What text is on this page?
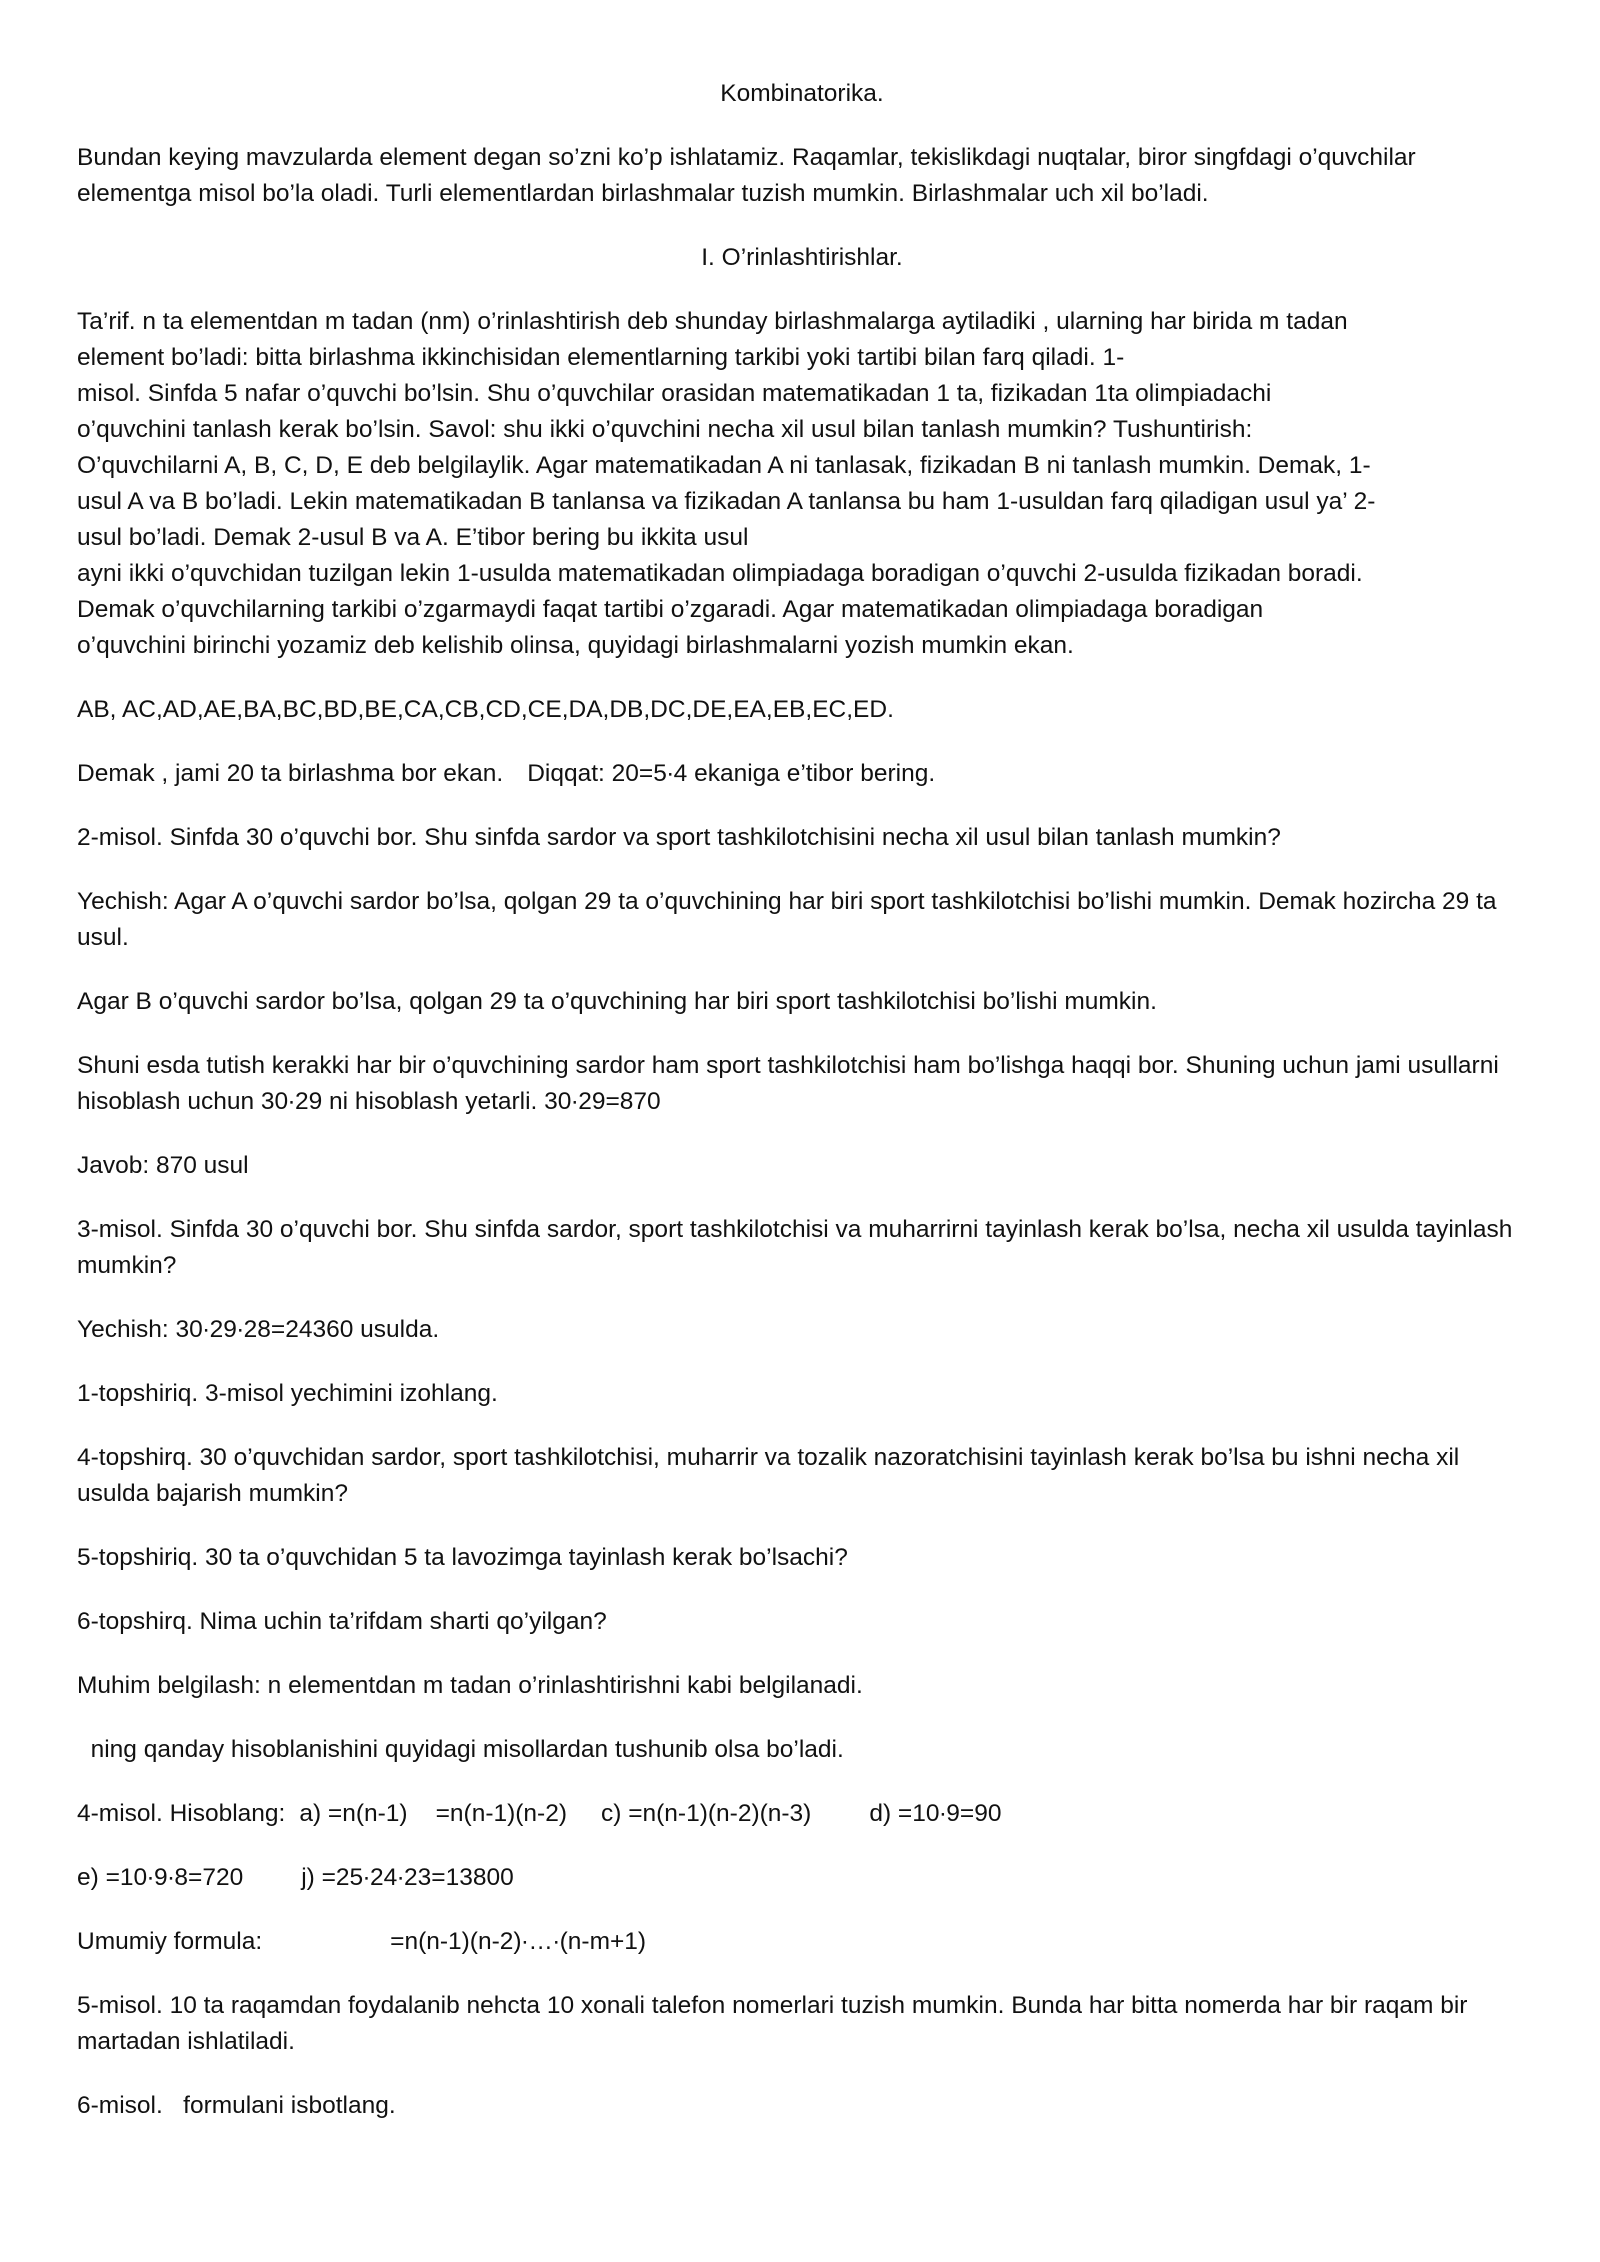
Kombinatorika.

Bundan keying mavzularda element degan so’zni ko’p ishlatamiz. Raqamlar, tekislikdagi nuqtalar, biror singfdagi o’quvchilar elementga misol bo’la oladi. Turli elementlardan birlashmalar tuzish mumkin. Birlashmalar uch xil bo’ladi.

I. O’rinlashtirishlar.

Ta’rif. n ta elementdan m tadan (nm) o’rinlashtirish deb shunday birlashmalarga aytiladiki , ularning har birida m tadan
element bo’ladi: bitta birlashma ikkinchisidan elementlarning tarkibi yoki tartibi bilan farq qiladi. 1-
misol. Sinfda 5 nafar o’quvchi bo’lsin. Shu o’quvchilar orasidan matematikadan 1 ta, fizikadan 1ta olimpiadachi
o’quvchini tanlash kerak bo’lsin. Savol: shu ikki o’quvchini necha xil usul bilan tanlash mumkin? Tushuntirish:
O’quvchilarni A, B, C, D, E deb belgilaylik. Agar matematikadan A ni tanlasak, fizikadan B ni tanlash mumkin. Demak, 1-
usul A va B bo’ladi. Lekin matematikadan B tanlansa va fizikadan A tanlansa bu ham 1-usuldan farq qiladigan usul ya’ 2-
usul bo’ladi. Demak 2-usul B va A. E’tibor bering bu ikkita usul
ayni ikki o’quvchidan tuzilgan lekin 1-usulda matematikadan olimpiadaga boradigan o’quvchi 2-usulda fizikadan boradi.
Demak o’quvchilarning tarkibi o’zgarmaydi faqat tartibi o’zgaradi. Agar matematikadan olimpiadaga boradigan
o’quvchini birinchi yozamiz deb kelishib olinsa, quyidagi birlashmalarni yozish mumkin ekan.

AB, AC,AD,AE,BA,BC,BD,BE,CA,CB,CD,CE,DA,DB,DC,DE,EA,EB,EC,ED.

Demak , jami 20 ta birlashma bor ekan. Diqqat: 20=5∙4 ekaniga e’tibor bering.

2-misol. Sinfda 30 o’quvchi bor. Shu sinfda sardor va sport tashkilotchisini necha xil usul bilan tanlash mumkin?

Yechish: Agar A o’quvchi sardor bo’lsa, qolgan 29 ta o’quvchining har biri sport tashkilotchisi bo’lishi mumkin. Demak hozircha 29 ta usul.

Agar B o’quvchi sardor bo’lsa, qolgan 29 ta o’quvchining har biri sport tashkilotchisi bo’lishi mumkin.

Shuni esda tutish kerakki har bir o’quvchining sardor ham sport tashkilotchisi ham bo’lishga haqqi bor. Shuning uchun jami usullarni hisoblash uchun 30∙29 ni hisoblash yetarli. 30∙29=870

Javob: 870 usul

3-misol. Sinfda 30 o’quvchi bor. Shu sinfda sardor, sport tashkilotchisi va muharrirni tayinlash kerak bo’lsa, necha xil usulda tayinlash mumkin?

Yechish: 30∙29∙28=24360 usulda.

1-topshiriq. 3-misol yechimini izohlang.

4-topshirq. 30 o’quvchidan sardor, sport tashkilotchisi, muharrir va tozalik nazoratchisini tayinlash kerak bo’lsa bu ishni necha xil usulda bajarish mumkin?

5-topshiriq. 30 ta o’quvchidan 5 ta lavozimga tayinlash kerak bo’lsachi?

6-topshirq. Nima uchin ta’rifdam sharti qo’yilgan?

Muhim belgilash: n elementdan m tadan o’rinlashtirishni kabi belgilanadi.

ning qanday hisoblanishini quyidagi misollardan tushunib olsa bo’ladi.

4-misol. Hisoblang: a) =n(n-1) =n(n-1)(n-2) c) =n(n-1)(n-2)(n-3) d) =10∙9=90

e) =10∙9∙8=720 j) =25∙24∙23=13800

Umumiy formula:	=n(n-1)(n-2)∙…∙(n-m+1)

5-misol. 10 ta raqamdan foydalanib nehcta 10 xonali talefon nomerlari tuzish mumkin. Bunda har bitta nomerda har bir raqam bir martadan ishlatiladi.

6-misol.   formulani isbotlang.
